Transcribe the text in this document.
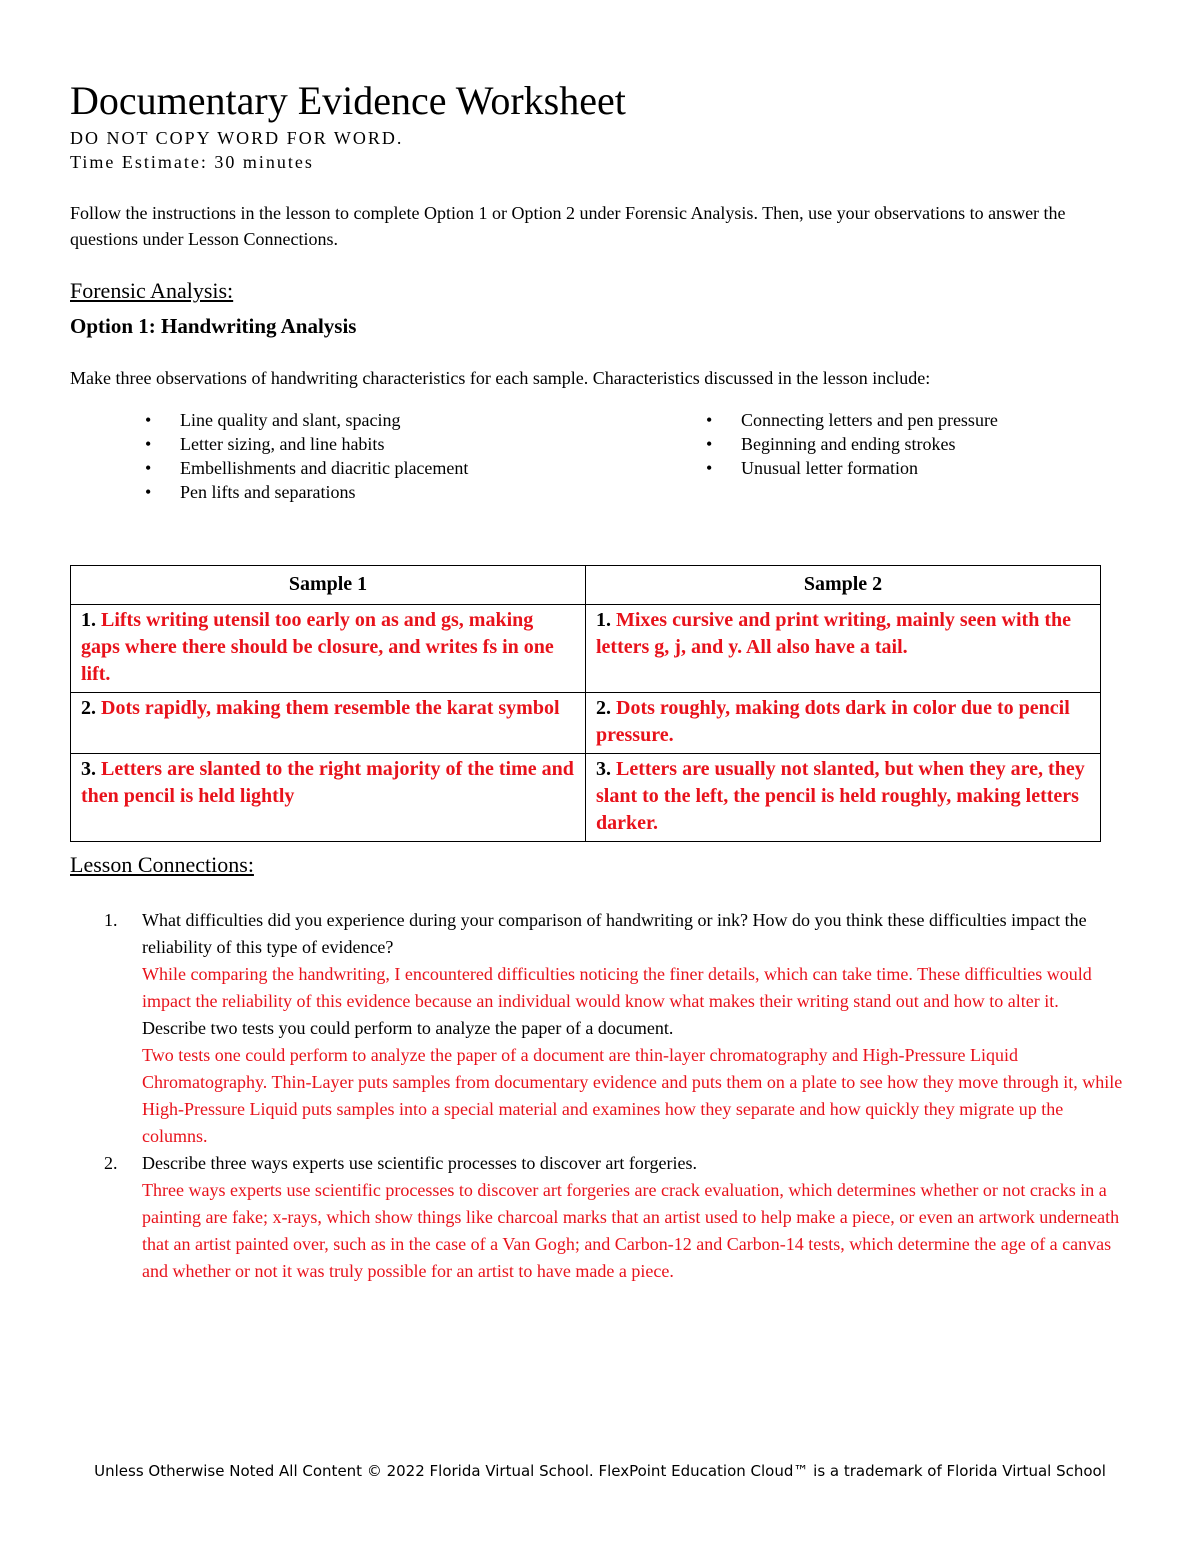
Documentary Evidence Worksheet
DO NOT COPY WORD FOR WORD.
Time Estimate: 30 minutes
Follow the instructions in the lesson to complete Option 1 or Option 2 under Forensic Analysis. Then, use your observations to answer the questions under Lesson Connections.
Forensic Analysis:
Option 1: Handwriting Analysis
Make three observations of handwriting characteristics for each sample. Characteristics discussed in the lesson include:
• Line quality and slant, spacing
• Letter sizing, and line habits
• Embellishments and diacritic placement
• Pen lifts and separations
• Connecting letters and pen pressure
• Beginning and ending strokes
• Unusual letter formation
Sample 1	Sample 2
1. Lifts writing utensil too early on as and gs, making gaps where there should be closure, and writes fs in one lift.	1. Mixes cursive and print writing, mainly seen with the letters g, j, and y. All also have a tail.
2. Dots rapidly, making them resemble the karat symbol	2. Dots roughly, making dots dark in color due to pencil pressure.
3. Letters are slanted to the right majority of the time and then pencil is held lightly	3. Letters are usually not slanted, but when they are, they slant to the left, the pencil is held roughly, making letters darker.
Lesson Connections:
1. What difficulties did you experience during your comparison of handwriting or ink? How do you think these difficulties impact the reliability of this type of evidence?
While comparing the handwriting, I encountered difficulties noticing the finer details, which can take time. These difficulties would impact the reliability of this evidence because an individual would know what makes their writing stand out and how to alter it.
Describe two tests you could perform to analyze the paper of a document.
Two tests one could perform to analyze the paper of a document are thin-layer chromatography and High-Pressure Liquid Chromatography. Thin-Layer puts samples from documentary evidence and puts them on a plate to see how they move through it, while High-Pressure Liquid puts samples into a special material and examines how they separate and how quickly they migrate up the columns.
2. Describe three ways experts use scientific processes to discover art forgeries.
Three ways experts use scientific processes to discover art forgeries are crack evaluation, which determines whether or not cracks in a painting are fake; x-rays, which show things like charcoal marks that an artist used to help make a piece, or even an artwork underneath that an artist painted over, such as in the case of a Van Gogh; and Carbon-12 and Carbon-14 tests, which determine the age of a canvas and whether or not it was truly possible for an artist to have made a piece.
Unless Otherwise Noted All Content © 2022 Florida Virtual School. FlexPoint Education Cloud™ is a trademark of Florida Virtual School
